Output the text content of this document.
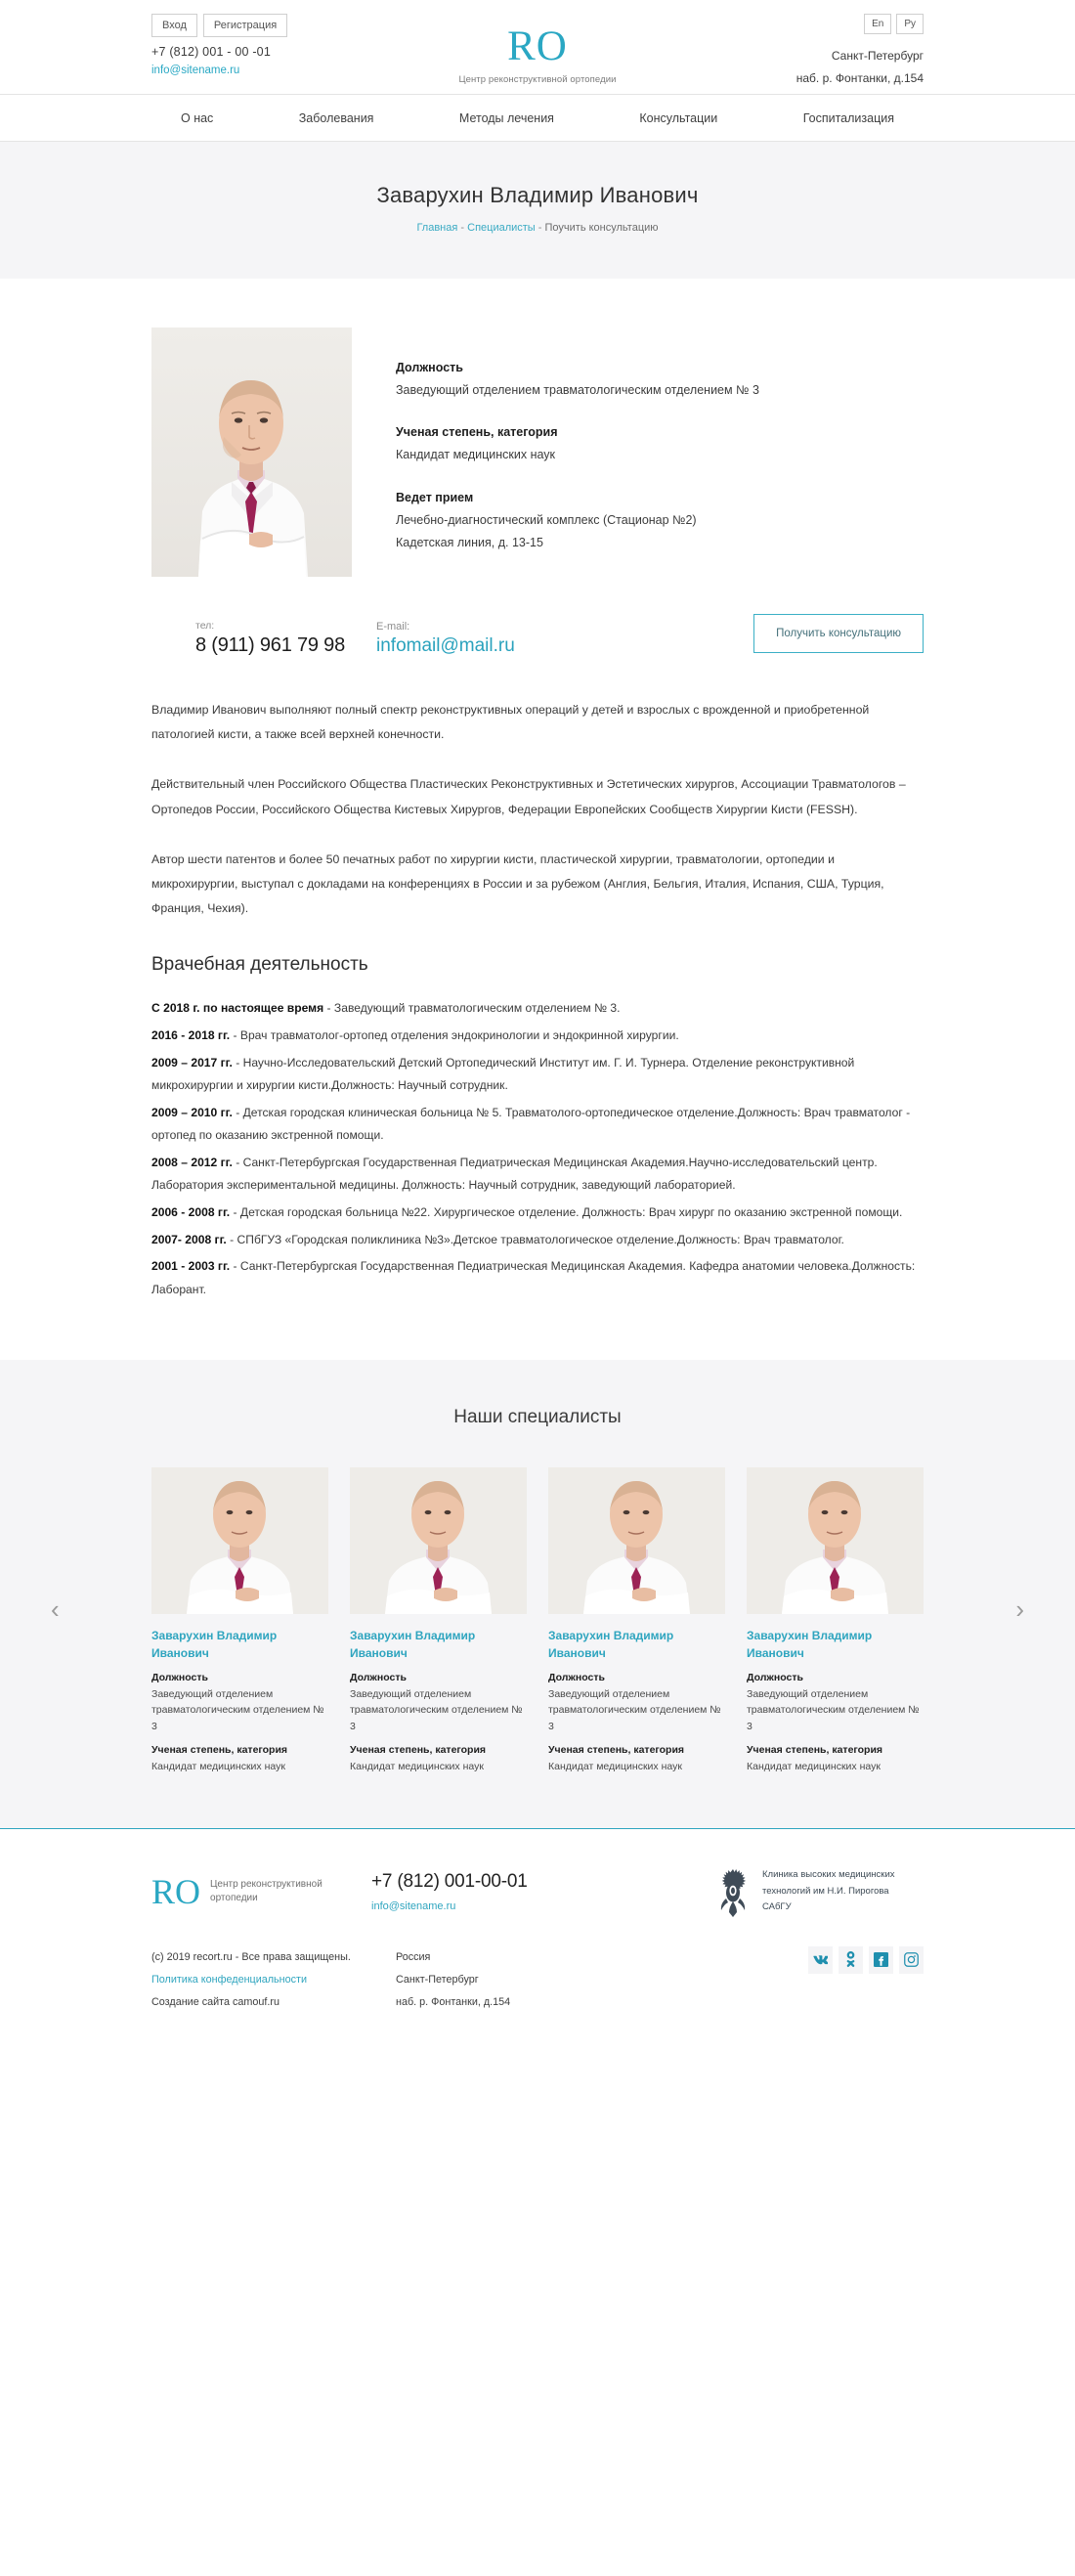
Вход	Регистрация	En	Ру
+7 (812) 001 - 00 -01
info@sitename.ru
RO
Центр реконструктивной ортопедии
Санкт-Петербург
наб. р. Фонтанки, д.154
О нас	Заболевания	Методы лечения	Консультации	Госпитализация
Заварухин Владимир Иванович
Главная - Специалисты - Поучить консультацию
Должность
Заведующий отделением травматологическим отделением № 3
Ученая степень, категория
Кандидат медицинских наук
Ведет прием
Лечебно-диагностический комплекс (Стационар №2)
Кадетская линия, д. 13-15
тел:
8 (911) 961 79 98
E-mail:
infomail@mail.ru
Получить консультацию

Владимир Иванович выполняют полный спектр реконструктивных операций у детей и взрослых с врожденной и приобретенной патологией кисти, а также всей верхней конечности.

Действительный член Российского Общества Пластических Реконструктивных и Эстетических хирургов, Ассоциации Травматологов – Ортопедов России, Российского Общества Кистевых Хирургов, Федерации Европейских Сообществ Хирургии Кисти (FESSH).

Автор шести патентов и более 50 печатных работ по хирургии кисти, пластической хирургии, травматологии, ортопедии и микрохирургии, выступал с докладами на конференциях в России и за рубежом (Англия, Бельгия, Италия, Испания, США, Турция, Франция, Чехия).

Врачебная деятельность
С 2018 г. по настоящее время - Заведующий травматологическим отделением № 3.
2016 - 2018 гг. - Врач травматолог-ортопед отделения эндокринологии и эндокринной хирургии.
2009 – 2017 гг. - Научно-Исследовательский Детский Ортопедический Институт им. Г. И. Турнера. Отделение реконструктивной микрохирургии и хирургии кисти.Должность: Научный сотрудник.
2009 – 2010 гг. - Детская городская клиническая больница № 5. Травматолого-ортопедическое отделение.Должность: Врач травматолог - ортопед по оказанию экстренной помощи.
2008 – 2012 гг. - Санкт-Петербургская Государственная Педиатрическая Медицинская Академия.Научно-исследовательский центр. Лаборатория экспериментальной медицины. Должность: Научный сотрудник, заведующий лабораторией.
2006 - 2008 гг. - Детская городская больница №22. Хирургическое отделение. Должность: Врач хирург по оказанию экстренной помощи.
2007- 2008 гг. - СПбГУЗ «Городская поликлиника №3».Детское травматологическое отделение.Должность: Врач травматолог.
2001 - 2003 гг. - Санкт-Петербургская Государственная Педиатрическая Медицинская Академия. Кафедра анатомии человека.Должность: Лаборант.
Наши специалисты
‹	›
Заварухин Владимир Иванович
Должность
Заведующий отделением травматологическим отделением № 3
Ученая степень, категория
Кандидат медицинских наук
Заварухин Владимир Иванович
Должность
Заведующий отделением травматологическим отделением № 3
Ученая степень, категория
Кандидат медицинских наук
Заварухин Владимир Иванович
Должность
Заведующий отделением травматологическим отделением № 3
Ученая степень, категория
Кандидат медицинских наук
Заварухин Владимир Иванович
Должность
Заведующий отделением травматологическим отделением № 3
Ученая степень, категория
Кандидат медицинских наук
RO Центр реконструктивной ортопедии
+7 (812) 001-00-01
info@sitename.ru
Клиника высоких медицинских
технологий им Н.И. Пирогова
САбГУ
(c) 2019 recort.ru - Все права защищены.
Политика конфеденциальности
Создание сайта camouf.ru
Россия
Санкт-Петербург
наб. р. Фонтанки, д.154
